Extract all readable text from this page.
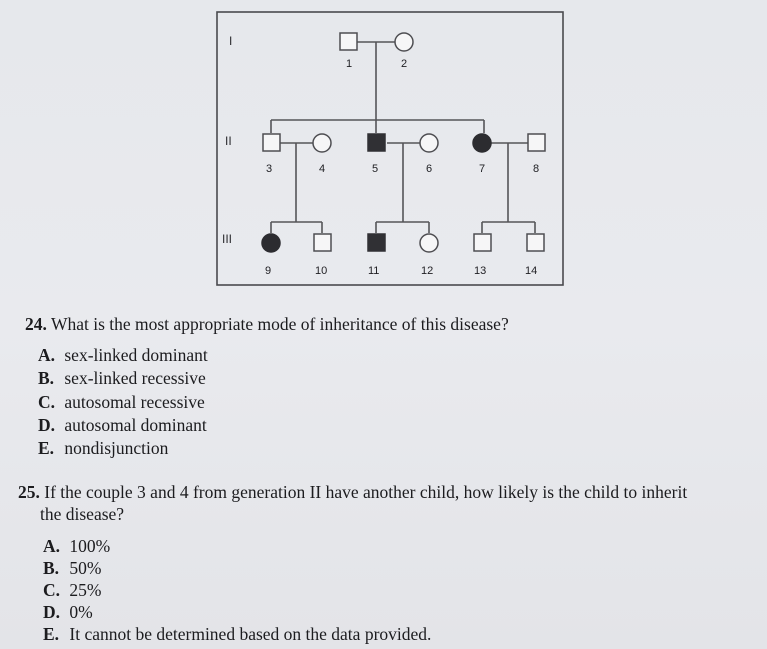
I
II
III
1	2
3	4	5	6	7	8
9	10	11	12	13	14
24. What is the most appropriate mode of inheritance of this disease?
A. sex-linked dominant
B. sex-linked recessive
C. autosomal recessive
D. autosomal dominant
E. nondisjunction
25. If the couple 3 and 4 from generation II have another child, how likely is the child to inherit
the disease?
A. 100%
B. 50%
C. 25%
D. 0%
E. It cannot be determined based on the data provided.
